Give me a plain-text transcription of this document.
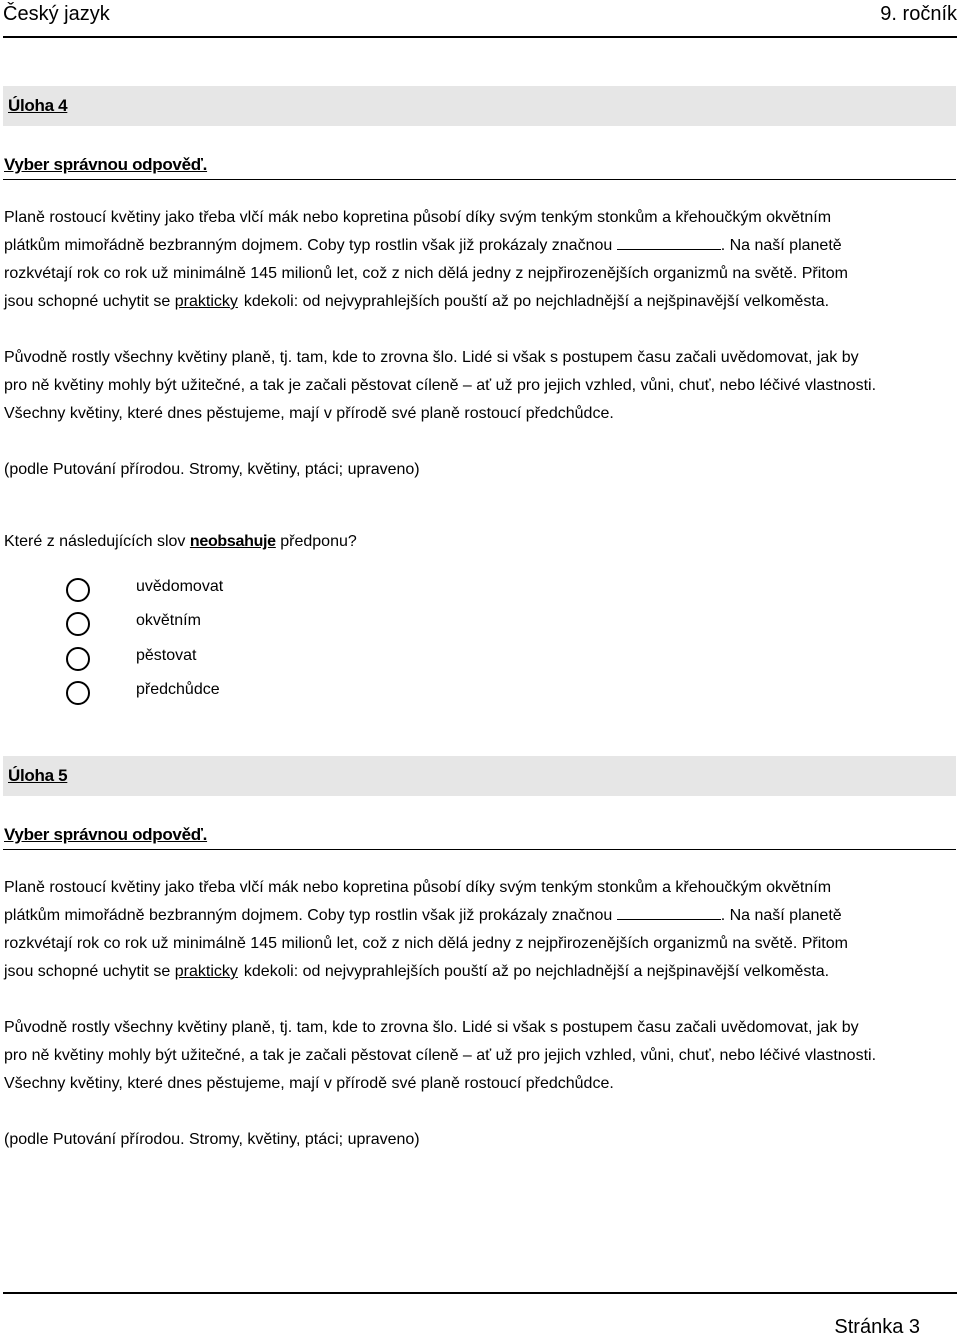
Český jazyk	9. ročník
Úloha 4
Vyber správnou odpověď.

Planě rostoucí květiny jako třeba vlčí mák nebo kopretina působí díky svým tenkým stonkům a křehoučkým okvětním

plátkům mimořádně bezbranným dojmem. Coby typ rostlin však již prokázaly značnou	. Na naší planetě

rozkvétají rok co rok už minimálně 145 milionů let, což z nich dělá jedny z nejpřirozenějších organizmů na světě. Přitom

jsou schopné uchytit se prakticky kdekoli: od nejvyprahlejších pouští až po nejchladnější a nejšpinavější velkoměsta.

Původně rostly všechny květiny planě, tj. tam, kde to zrovna šlo. Lidé si však s postupem času začali uvědomovat, jak by

pro ně květiny mohly být užitečné, a tak je začali pěstovat cíleně – ať už pro jejich vzhled, vůni, chuť, nebo léčivé vlastnosti.

Všechny květiny, které dnes pěstujeme, mají v přírodě své planě rostoucí předchůdce.

(podle Putování přírodou. Stromy, květiny, ptáci; upraveno)

Které z následujících slov neobsahuje předponu?
uvědomovat
okvětním
pěstovat
předchůdce
Úloha 5
Vyber správnou odpověď.

Planě rostoucí květiny jako třeba vlčí mák nebo kopretina působí díky svým tenkým stonkům a křehoučkým okvětním

plátkům mimořádně bezbranným dojmem. Coby typ rostlin však již prokázaly značnou	. Na naší planetě

rozkvétají rok co rok už minimálně 145 milionů let, což z nich dělá jedny z nejpřirozenějších organizmů na světě. Přitom

jsou schopné uchytit se prakticky kdekoli: od nejvyprahlejších pouští až po nejchladnější a nejšpinavější velkoměsta.

Původně rostly všechny květiny planě, tj. tam, kde to zrovna šlo. Lidé si však s postupem času začali uvědomovat, jak by

pro ně květiny mohly být užitečné, a tak je začali pěstovat cíleně – ať už pro jejich vzhled, vůni, chuť, nebo léčivé vlastnosti.

Všechny květiny, které dnes pěstujeme, mají v přírodě své planě rostoucí předchůdce.

(podle Putování přírodou. Stromy, květiny, ptáci; upraveno)

Stránka 3
